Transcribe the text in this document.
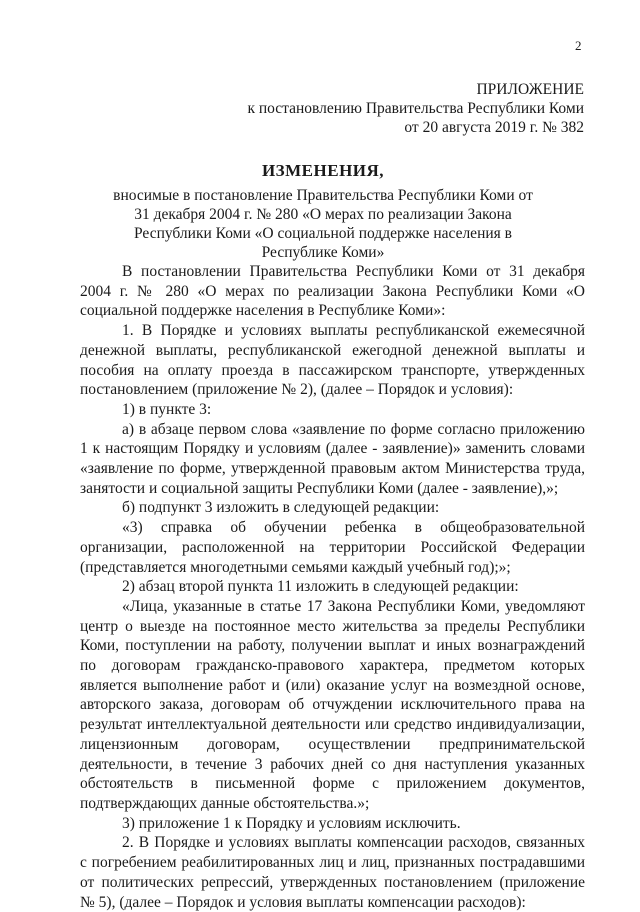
2
ПРИЛОЖЕНИЕ
к постановлению Правительства Республики Коми
от 20 августа 2019 г. № 382
ИЗМЕНЕНИЯ,
вносимые в постановление Правительства Республики Коми от 31 декабря 2004 г. № 280 «О мерах по реализации Закона Республики Коми «О социальной поддержке населения в Республике Коми»

В постановлении Правительства Республики Коми от 31 декабря 2004 г. № 280 «О мерах по реализации Закона Республики Коми «О социальной поддержке населения в Республике Коми»:

1. В Порядке и условиях выплаты республиканской ежемесячной денежной выплаты, республиканской ежегодной денежной выплаты и пособия на оплату проезда в пассажирском транспорте, утвержденных постановлением (приложение № 2), (далее – Порядок и условия):

1) в пункте 3:

а) в абзаце первом слова «заявление по форме согласно приложению 1 к настоящим Порядку и условиям (далее - заявление)» заменить словами «заявление по форме, утвержденной правовым актом Министерства труда, занятости и социальной защиты Республики Коми (далее - заявление),»;

б) подпункт 3 изложить в следующей редакции:

«3) справка об обучении ребенка в общеобразовательной организации, расположенной на территории Российской Федерации (представляется многодетными семьями каждый учебный год);»;

2) абзац второй пункта 11 изложить в следующей редакции:

«Лица, указанные в статье 17 Закона Республики Коми, уведомляют центр о выезде на постоянное место жительства за пределы Республики Коми, поступлении на работу, получении выплат и иных вознаграждений по договорам гражданско-правового характера, предметом которых является выполнение работ и (или) оказание услуг на возмездной основе, авторского заказа, договорам об отчуждении исключительного права на результат интеллектуальной деятельности или средство индивидуализации, лицензионным договорам, осуществлении предпринимательской деятельности, в течение 3 рабочих дней со дня наступления указанных обстоятельств в письменной форме с приложением документов, подтверждающих данные обстоятельства.»;

3) приложение 1 к Порядку и условиям исключить.

2. В Порядке и условиях выплаты компенсации расходов, связанных с погребением реабилитированных лиц и лиц, признанных пострадавшими от политических репрессий, утвержденных постановлением (приложение № 5), (далее – Порядок и условия выплаты компенсации расходов):
